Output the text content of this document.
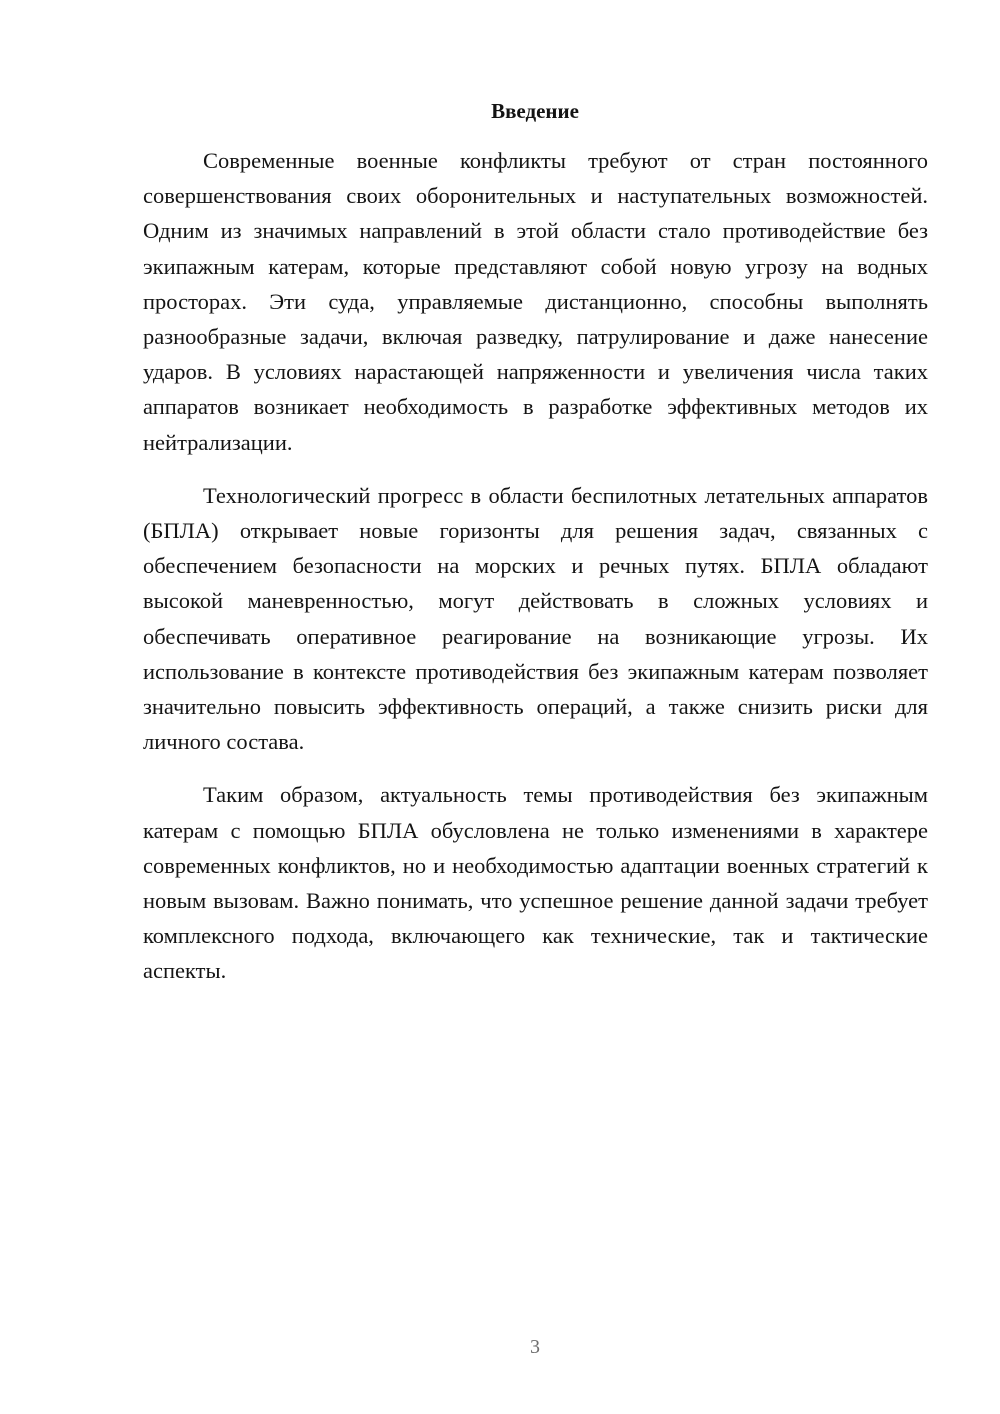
Введение

Современные военные конфликты требуют от стран постоянного совершенствования своих оборонительных и наступательных возможностей. Одним из значимых направлений в этой области стало противодействие без экипажным катерам, которые представляют собой новую угрозу на водных просторах. Эти суда, управляемые дистанционно, способны выполнять разнообразные задачи, включая разведку, патрулирование и даже нанесение ударов. В условиях нарастающей напряженности и увеличения числа таких аппаратов возникает необходимость в разработке эффективных методов их нейтрализации.

Технологический прогресс в области беспилотных летательных аппаратов (БПЛА) открывает новые горизонты для решения задач, связанных с обеспечением безопасности на морских и речных путях. БПЛА обладают высокой маневренностью, могут действовать в сложных условиях и обеспечивать оперативное реагирование на возникающие угрозы. Их использование в контексте противодействия без экипажным катерам позволяет значительно повысить эффективность операций, а также снизить риски для личного состава.

Таким образом, актуальность темы противодействия без экипажным катерам с помощью БПЛА обусловлена не только изменениями в характере современных конфликтов, но и необходимостью адаптации военных стратегий к новым вызовам. Важно понимать, что успешное решение данной задачи требует комплексного подхода, включающего как технические, так и тактические аспекты.

3
